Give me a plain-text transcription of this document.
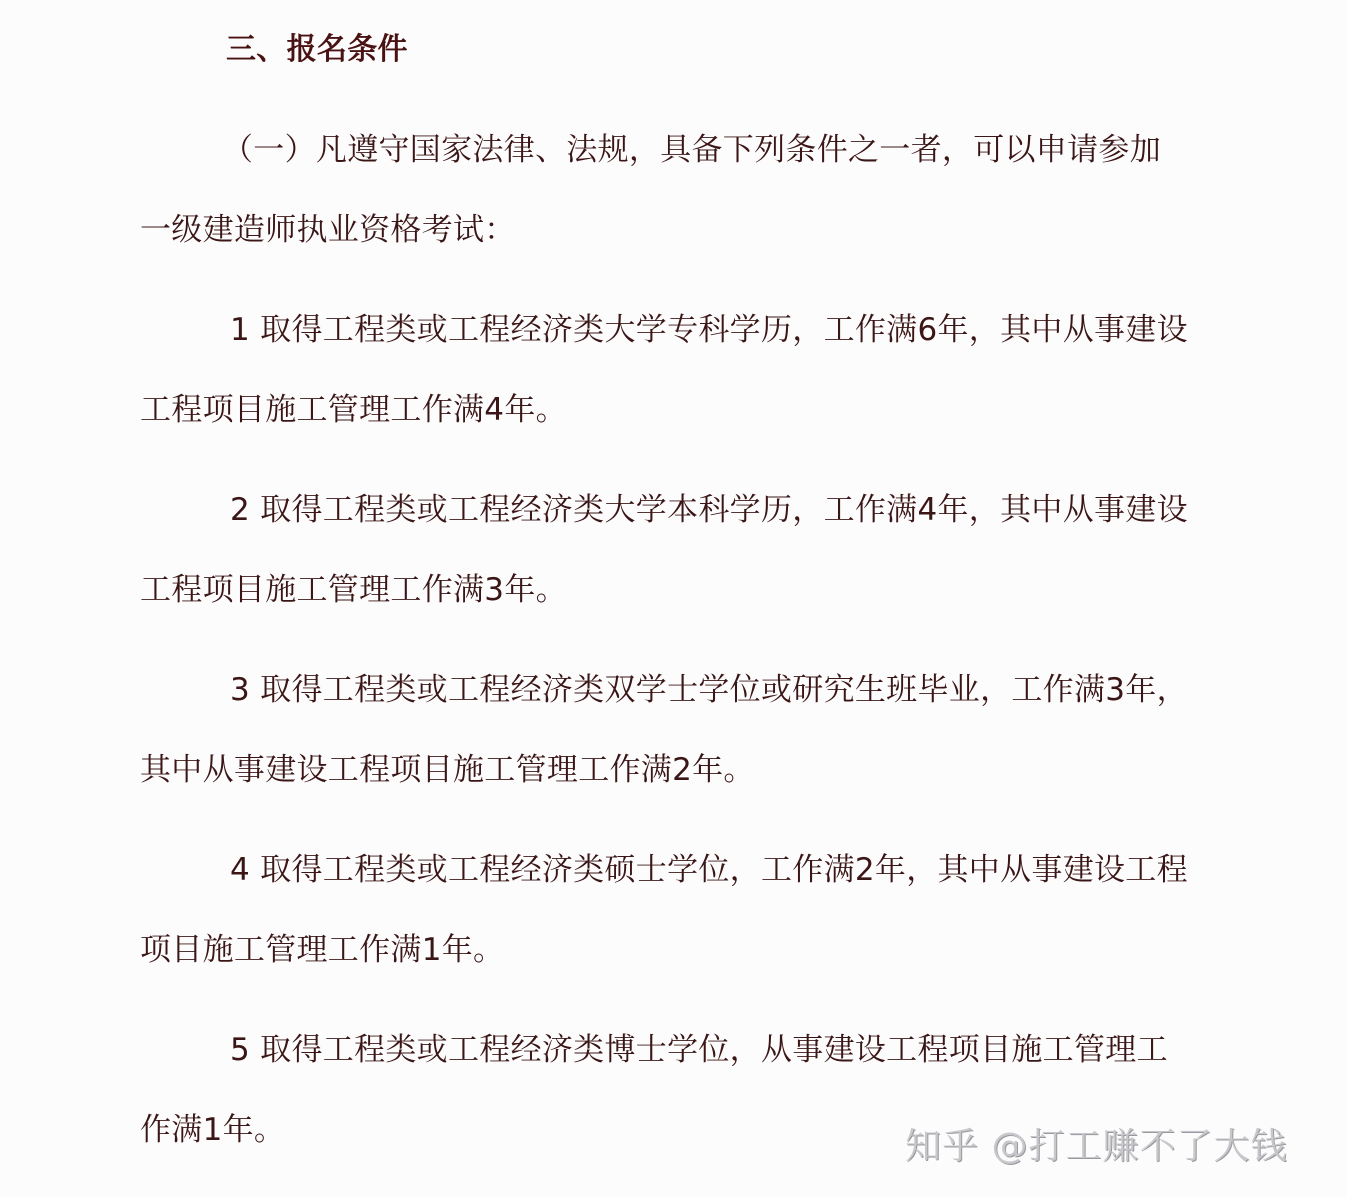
三、报名条件
（一）凡遵守国家法律、法规，具备下列条件之一者，可以申请参加
一级建造师执业资格考试：
1 取得工程类或工程经济类大学专科学历，工作满6年，其中从事建设
工程项目施工管理工作满4年。
2 取得工程类或工程经济类大学本科学历，工作满4年，其中从事建设
工程项目施工管理工作满3年。
3 取得工程类或工程经济类双学士学位或研究生班毕业，工作满3年，
其中从事建设工程项目施工管理工作满2年。
4 取得工程类或工程经济类硕士学位，工作满2年，其中从事建设工程
项目施工管理工作满1年。
5 取得工程类或工程经济类博士学位，从事建设工程项目施工管理工
作满1年。	知乎 @打工赚不了大钱
